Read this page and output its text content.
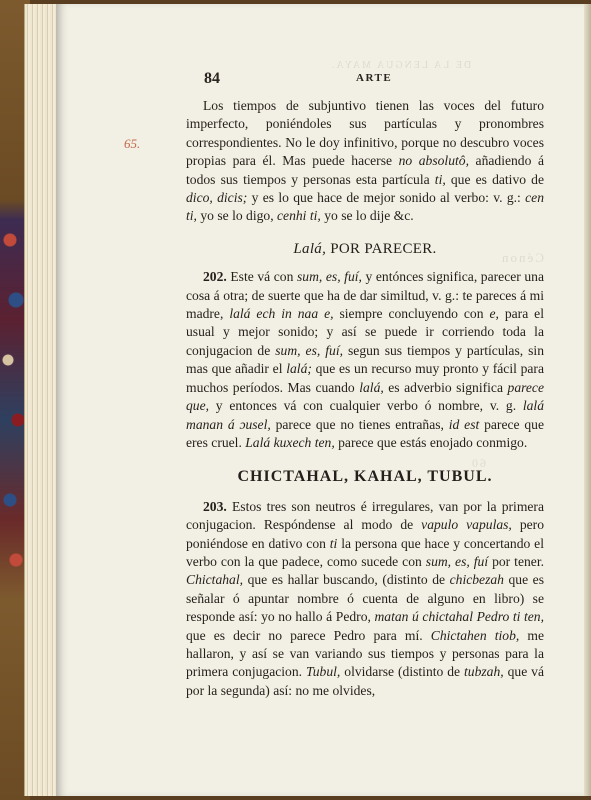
DE LA LENGUA MAYA.
Cénon
60
65.
84	ARTE

Los tiempos de subjuntivo tienen las voces del futuro imperfecto, poniéndoles sus partículas y pronombres correspondientes. No le doy infinitivo, porque no descubro voces propias para él. Mas puede hacerse no absolutô, añadiendo á todos sus tiempos y personas esta partícula ti, que es dativo de dico, dicis; y es lo que hace de mejor sonido al verbo: v. g.: cen ti, yo se lo digo, cenhi ti, yo se lo dije &c.

Lalá, POR PARECER.

202. Este vá con sum, es, fuí, y entónces significa, parecer una cosa á otra; de suerte que ha de dar similtud, v. g.: te pareces á mi madre, lalá ech in naa e, siempre concluyendo con e, para el usual y mejor sonido; y así se puede ir corriendo toda la conjugacion de sum, es, fuí, segun sus tiempos y partículas, sin mas que añadir el lalá; que es un recurso muy pronto y fácil para muchos períodos. Mas cuando lalá, es adverbio significa parece que, y entonces vá con cualquier verbo ó nombre, v. g. lalá manan á ɔusel, parece que no tienes entrañas, id est parece que eres cruel. Lalá kuxech ten, parece que estás enojado conmigo.

CHICTAHAL, KAHAL, TUBUL.

203. Estos tres son neutros é irregulares, van por la primera conjugacion. Respóndense al modo de vapulo vapulas, pero poniéndose en dativo con ti la persona que hace y concertando el verbo con la que padece, como sucede con sum, es, fuí por tener. Chictahal, que es hallar buscando, (distinto de chicbezah que es señalar ó apuntar nombre ó cuenta de alguno en libro) se responde así: yo no hallo á Pedro, matan ú chictahal Pedro ti ten, que es decir no parece Pedro para mí. Chictahen tiob, me hallaron, y así se van variando sus tiempos y personas para la primera conjugacion. Tubul, olvidarse (distinto de tubzah, que vá por la segunda) así: no me olvides,
